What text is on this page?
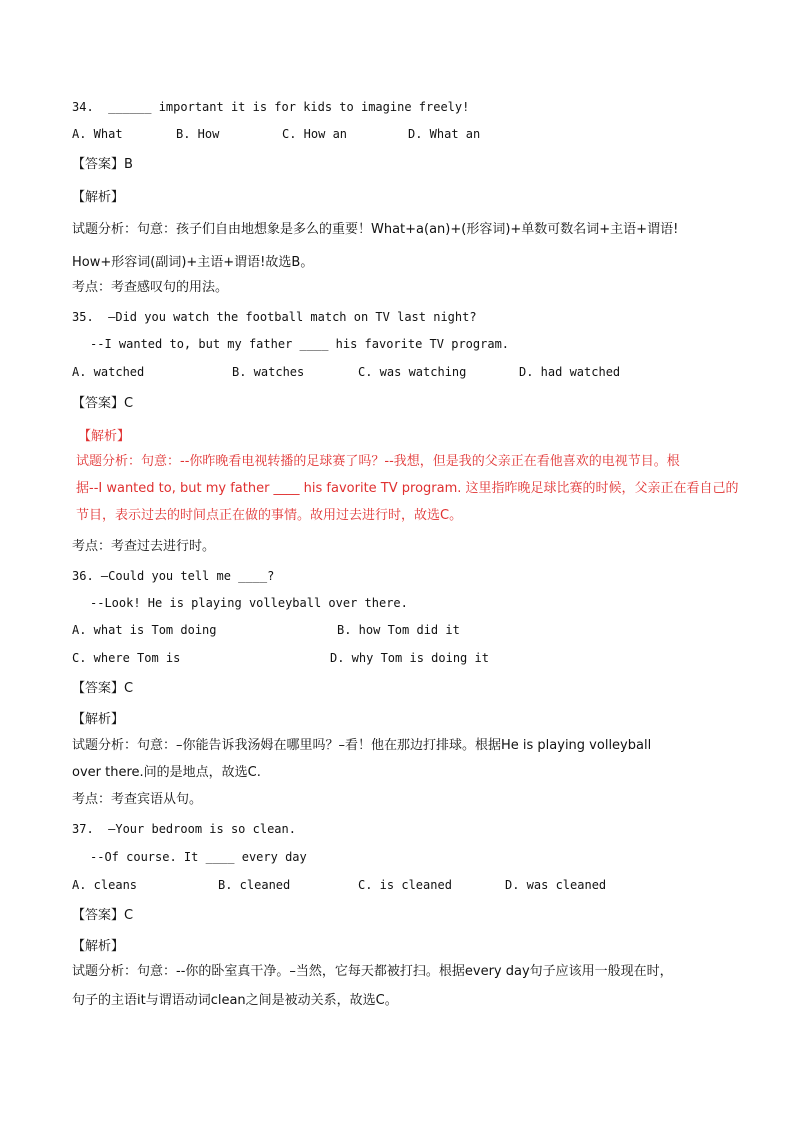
34.  ______ important it is for kids to imagine freely!
A. What	B. How	C. How an	D. What an
【答案】B
【解析】
试题分析：句意：孩子们自由地想象是多么的重要！What+a(an)+(形容词)+单数可数名词+主语+谓语!
How+形容词(副词)+主语+谓语!故选B。
考点：考查感叹句的用法。
35.  –Did you watch the football match on TV last night?
--I wanted to, but my father ____ his favorite TV program.
A. watched	B. watches	C. was watching	D. had watched
【答案】C
【解析】
试题分析：句意：--你昨晚看电视转播的足球赛了吗？--我想，但是我的父亲正在看他喜欢的电视节目。根
据--I wanted to, but my father ____ his favorite TV program. 这里指昨晚足球比赛的时候，父亲正在看自己的
节目，表示过去的时间点正在做的事情。故用过去进行时，故选C。
考点：考查过去进行时。
36. –Could you tell me ____?
--Look! He is playing volleyball over there.
A. what is Tom doing	B. how Tom did it
C. where Tom is	D. why Tom is doing it
【答案】C
【解析】
试题分析：句意：–你能告诉我汤姆在哪里吗？–看！他在那边打排球。根据He is playing volleyball
over there.问的是地点，故选C.
考点：考查宾语从句。
37.  –Your bedroom is so clean.
--Of course. It ____ every day
A. cleans	B. cleaned	C. is cleaned	D. was cleaned
【答案】C
【解析】
试题分析：句意：--你的卧室真干净。–当然，它每天都被打扫。根据every day句子应该用一般现在时，
句子的主语it与谓语动词clean之间是被动关系，故选C。
